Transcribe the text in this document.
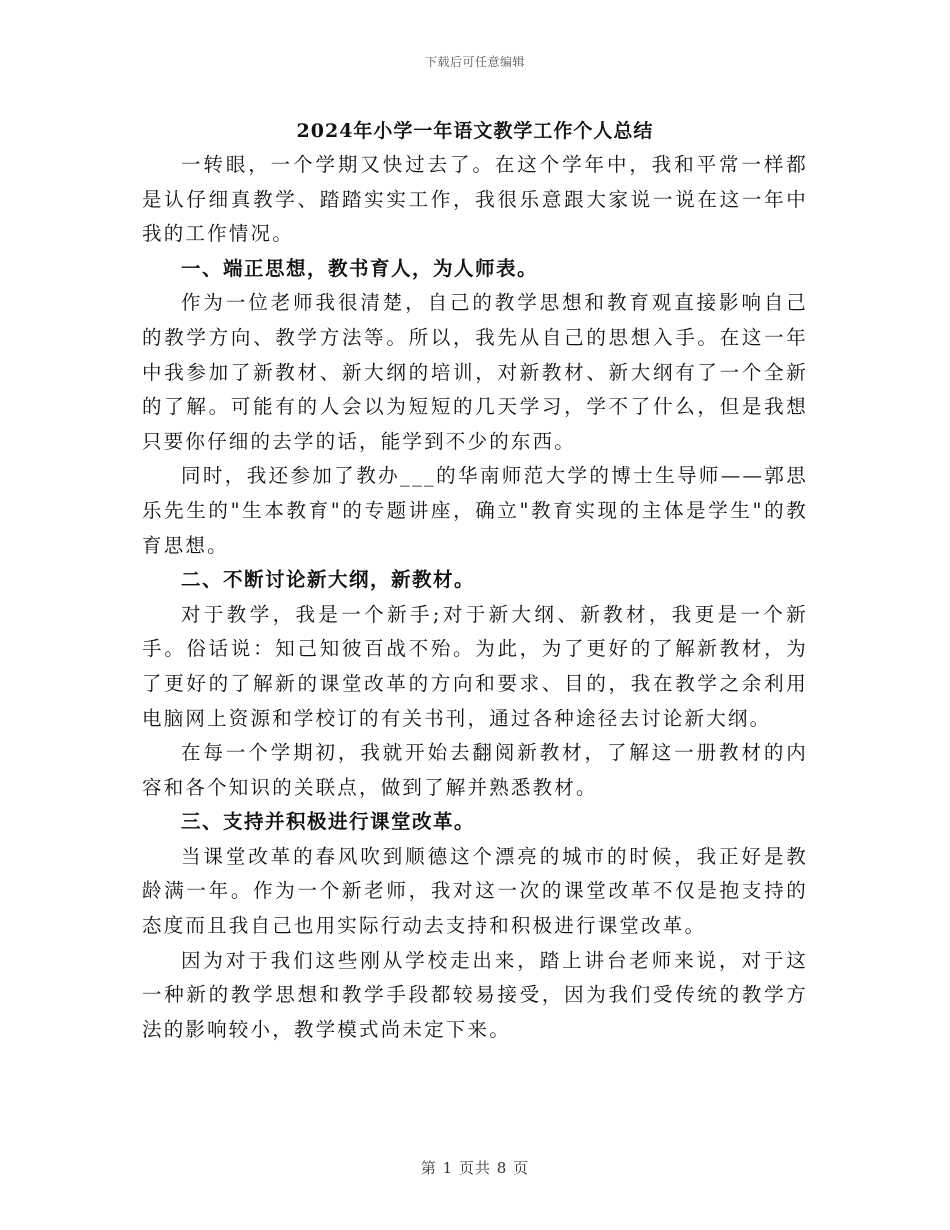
下载后可任意编辑
2024年小学一年语文教学工作个人总结

一转眼，一个学期又快过去了。在这个学年中，我和平常一样都是认仔细真教学、踏踏实实工作，我很乐意跟大家说一说在这一年中我的工作情况。

一、端正思想，教书育人，为人师表。

作为一位老师我很清楚，自己的教学思想和教育观直接影响自己的教学方向、教学方法等。所以，我先从自己的思想入手。在这一年中我参加了新教材、新大纲的培训，对新教材、新大纲有了一个全新的了解。可能有的人会以为短短的几天学习，学不了什么，但是我想只要你仔细的去学的话，能学到不少的东西。

同时，我还参加了教办___的华南师范大学的博士生导师——郭思乐先生的"生本教育"的专题讲座，确立"教育实现的主体是学生"的教育思想。

二、不断讨论新大纲，新教材。

对于教学，我是一个新手;对于新大纲、新教材，我更是一个新手。俗话说：知己知彼百战不殆。为此，为了更好的了解新教材，为了更好的了解新的课堂改革的方向和要求、目的，我在教学之余利用电脑网上资源和学校订的有关书刊，通过各种途径去讨论新大纲。

在每一个学期初，我就开始去翻阅新教材，了解这一册教材的内容和各个知识的关联点，做到了解并熟悉教材。

三、支持并积极进行课堂改革。

当课堂改革的春风吹到顺德这个漂亮的城市的时候，我正好是教龄满一年。作为一个新老师，我对这一次的课堂改革不仅是抱支持的态度而且我自己也用实际行动去支持和积极进行课堂改革。

因为对于我们这些刚从学校走出来，踏上讲台老师来说，对于这一种新的教学思想和教学手段都较易接受，因为我们受传统的教学方法的影响较小，教学模式尚未定下来。

第 1 页共 8 页
